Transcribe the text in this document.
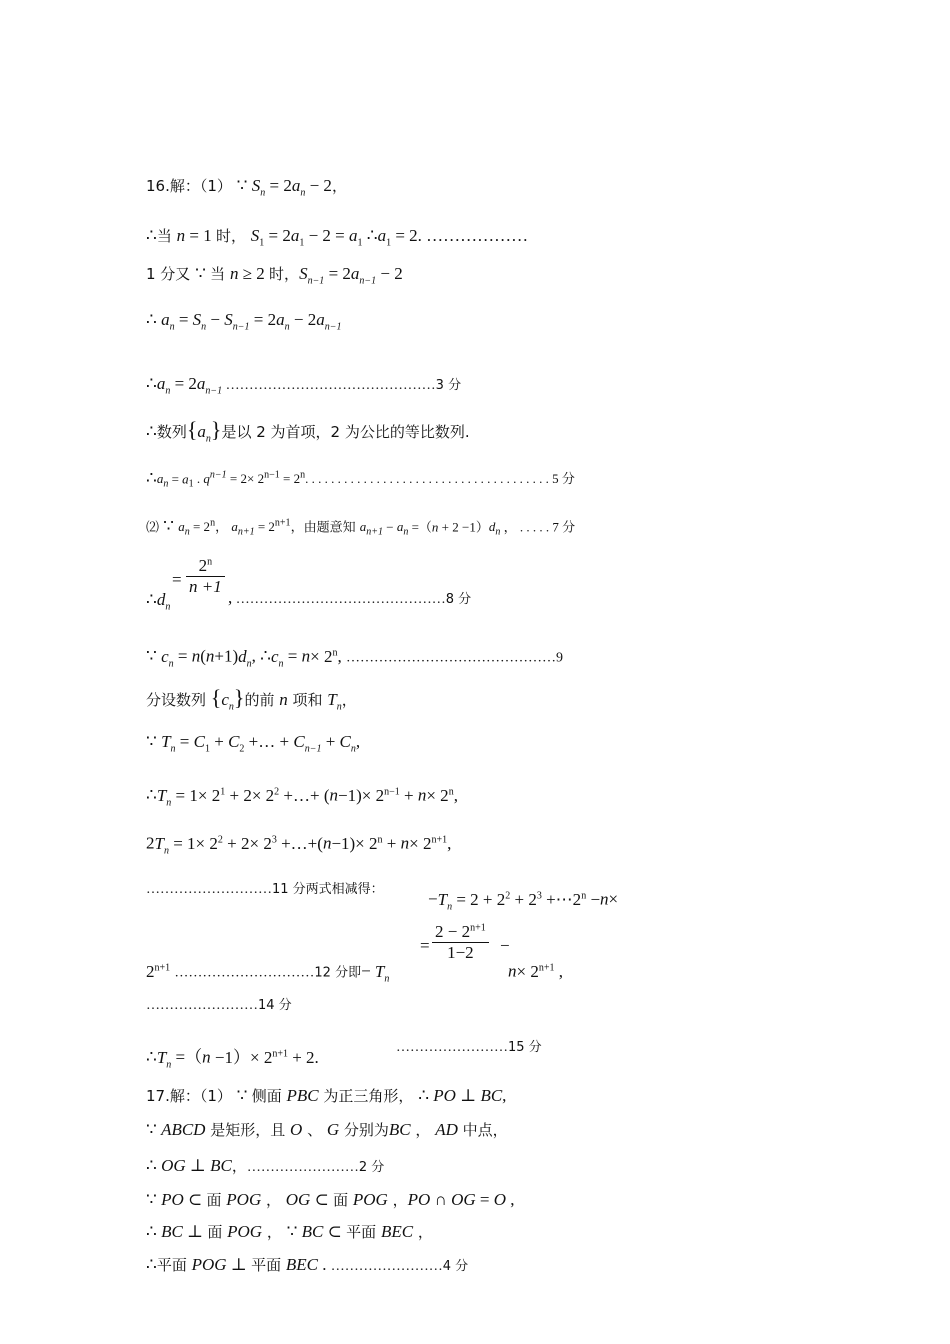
16.解：（1） ∵ $S_n = 2a_n - 2$，
∴当 n = 1 时， $S_1 = 2a_1 - 2 = a_1$ $\therefore a_1 = 2$. ………………
1 分又 ∵ 当 n ≥ 2 时，$S_{n-1} = 2a_{n-1} - 2$
∴ $a_n = S_n - S_{n-1} = 2a_n - 2a_{n-1}$
$\therefore a_n = 2a_{n-1}$ ………………………………………3 分
∴数列$\{a_n\}$是以 2 为首项，2 为公比的等比数列.
$\therefore a_n = a_1$ . $q^{n-1} = 2\times 2^{n-1} = 2^n$. . . . . . . . . . . . . . . . . . . . . . . . . . . . . . . . . . . . . . 5 分
⑵ ∵ $a_n = 2^n$， $a_{n+1} = 2^{n+1}$，由题意知 $a_{n+1} - a_n =(n + 2 -1)d_n$ ， . . . . . 7 分
$\frac{2^n}{n +1}$
$\therefore d_n$
=
, ………………………………………8 分
∵ $c_n = n(n+1)d_n$, $\therefore c_n = n\times 2^n$, ………………………………………9
分设数列 $\{c_n\}$的前 n 项和 $T_n$，
∵ $T_n = C_1 + C_2$ +… + $C_{n-1} + C_n$,
$\therefore T_n = 1\times 2^1 + 2\times 2^2$ +…+ $(n-1)\times 2^{n-1} + n\times 2^n$,
$2T_n = 1\times 2^2 + 2\times 2^3$ +…+(n−1)× $2^n + n\times 2^{n+1}$,
………………………11 分两式相减得：
$-T_n = 2 + 2^2 + 2^3$ $+\cdots 2^n -n\times$
$\frac{2 - 2^{n+1}}{1-2}$
=	−
$2^{n+1}$ …………………………12 分即− $T_n$	$n\times 2^{n+1}$ ,
……………………14 分
$\therefore T_n =(n -1)\times 2^{n+1} + 2$.
……………………15 分
17.解：（1） ∵ 侧面 PBC 为正三角形， ∴ PO ⊥ BC,
∵ ABCD 是矩形，且 O 、 G 分别为BC ， AD 中点，
∴ OG ⊥ BC，……………………2 分
∵ PO ⊂ 面 POG ， OG ⊂ 面 POG ，PO ∩ OG = O ,
∴ BC ⊥ 面 POG ， ∵ BC ⊂ 平面 BEC ，
∴平面 POG ⊥ 平面 BEC . ……………………4 分
